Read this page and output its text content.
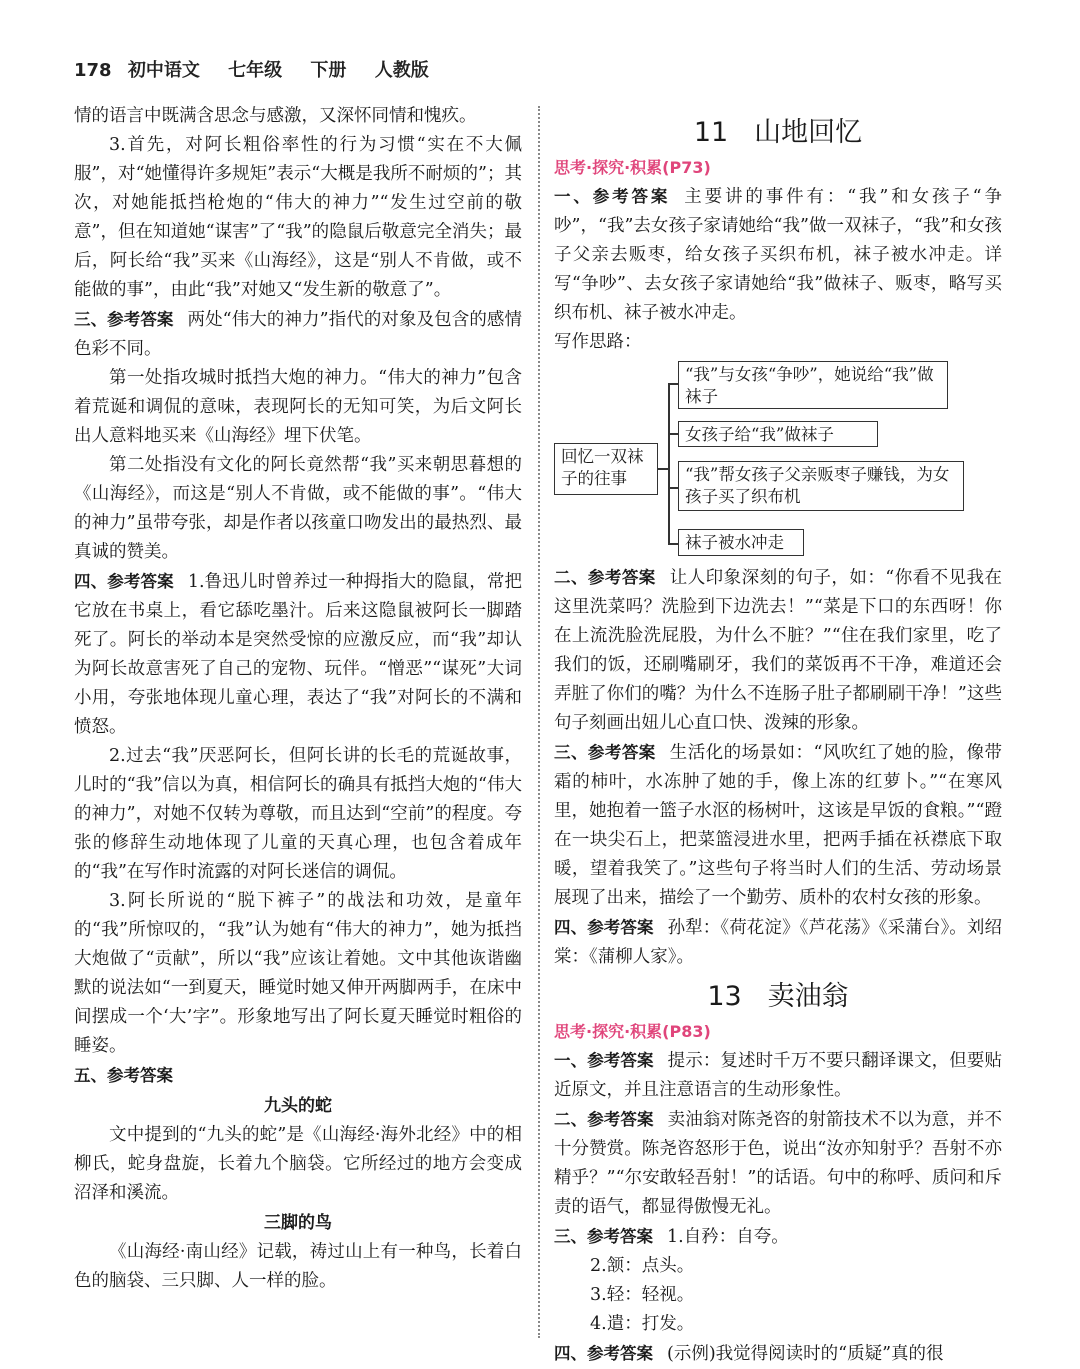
178 初中语文 七年级 下册 人教版

情的语言中既满含思念与感激，又深怀同情和愧疚。

3.首先，对阿长粗俗率性的行为习惯“实在不大佩服”，对“她懂得许多规矩”表示“大概是我所不耐烦的”；其次，对她能抵挡枪炮的“伟大的神力”“发生过空前的敬意”，但在知道她“谋害”了“我”的隐鼠后敬意完全消失；最后，阿长给“我”买来《山海经》，这是“别人不肯做，或不能做的事”，由此“我”对她又“发生新的敬意了”。

三、参考答案 两处“伟大的神力”指代的对象及包含的感情色彩不同。

第一处指攻城时抵挡大炮的神力。“伟大的神力”包含着荒诞和调侃的意味，表现阿长的无知可笑，为后文阿长出人意料地买来《山海经》埋下伏笔。

第二处指没有文化的阿长竟然帮“我”买来朝思暮想的《山海经》，而这是“别人不肯做，或不能做的事”。“伟大的神力”虽带夸张，却是作者以孩童口吻发出的最热烈、最真诚的赞美。

四、参考答案 1.鲁迅儿时曾养过一种拇指大的隐鼠，常把它放在书桌上，看它舔吃墨汁。后来这隐鼠被阿长一脚踏死了。阿长的举动本是突然受惊的应激反应，而“我”却认为阿长故意害死了自己的宠物、玩伴。“憎恶”“谋死”大词小用，夸张地体现儿童心理，表达了“我”对阿长的不满和愤怒。

2.过去“我”厌恶阿长，但阿长讲的长毛的荒诞故事，儿时的“我”信以为真，相信阿长的确具有抵挡大炮的“伟大的神力”，对她不仅转为尊敬，而且达到“空前”的程度。夸张的修辞生动地体现了儿童的天真心理，也包含着成年的“我”在写作时流露的对阿长迷信的调侃。

3.阿长所说的“脱下裤子”的战法和功效，是童年的“我”所惊叹的，“我”认为她有“伟大的神力”，她为抵挡大炮做了“贡献”，所以“我”应该让着她。文中其他诙谐幽默的说法如“一到夏天，睡觉时她又伸开两脚两手，在床中间摆成一个‘大’字”。形象地写出了阿长夏天睡觉时粗俗的睡姿。

五、参考答案

九头的蛇

文中提到的“九头的蛇”是《山海经·海外北经》中的相柳氏，蛇身盘旋，长着九个脑袋。它所经过的地方会变成沼泽和溪流。

三脚的鸟

《山海经·南山经》记载，祷过山上有一种鸟，长着白色的脑袋、三只脚、人一样的脸。

11 山地回忆
思考·探究·积累(P73)

一、参考答案 主要讲的事件有：“我”和女孩子“争吵”，“我”去女孩子家请她给“我”做一双袜子，“我”和女孩子父亲去贩枣，给女孩子买织布机，袜子被水冲走。详写“争吵”、去女孩子家请她给“我”做袜子、贩枣，略写买织布机、袜子被水冲走。

写作思路：

回忆一双袜子的往事
“我”与女孩“争吵”，她说给“我”做袜子
女孩子给“我”做袜子
“我”帮女孩子父亲贩枣子赚钱，为女孩子买了织布机
袜子被水冲走

二、参考答案 让人印象深刻的句子，如：“你看不见我在这里洗菜吗？洗脸到下边洗去！”“菜是下口的东西呀！你在上流洗脸洗屁股，为什么不脏？”“住在我们家里，吃了我们的饭，还刷嘴刷牙，我们的菜饭再不干净，难道还会弄脏了你们的嘴？为什么不连肠子肚子都刷刷干净！”这些句子刻画出妞儿心直口快、泼辣的形象。

三、参考答案 生活化的场景如：“风吹红了她的脸，像带霜的柿叶，水冻肿了她的手，像上冻的红萝卜。”“在寒风里，她抱着一篮子水沤的杨树叶，这该是早饭的食粮。”“蹬在一块尖石上，把菜篮浸进水里，把两手插在袄襟底下取暖，望着我笑了。”这些句子将当时人们的生活、劳动场景展现了出来，描绘了一个勤劳、质朴的农村女孩的形象。

四、参考答案 孙犁：《荷花淀》《芦花荡》《采蒲台》。刘绍棠：《蒲柳人家》。

13 卖油翁
思考·探究·积累(P83)

一、参考答案 提示：复述时千万不要只翻译课文，但要贴近原文，并且注意语言的生动形象性。

二、参考答案 卖油翁对陈尧咨的射箭技术不以为意，并不十分赞赏。陈尧咨怒形于色，说出“汝亦知射乎？吾射不亦精乎？”“尔安敢轻吾射！”的话语。句中的称呼、质问和斥责的语气，都显得傲慢无礼。

三、参考答案 1.自矜：自夸。

2.颔：点头。

3.轻：轻视。

4.遣：打发。

四、参考答案 (示例)我觉得阅读时的“质疑”真的很
